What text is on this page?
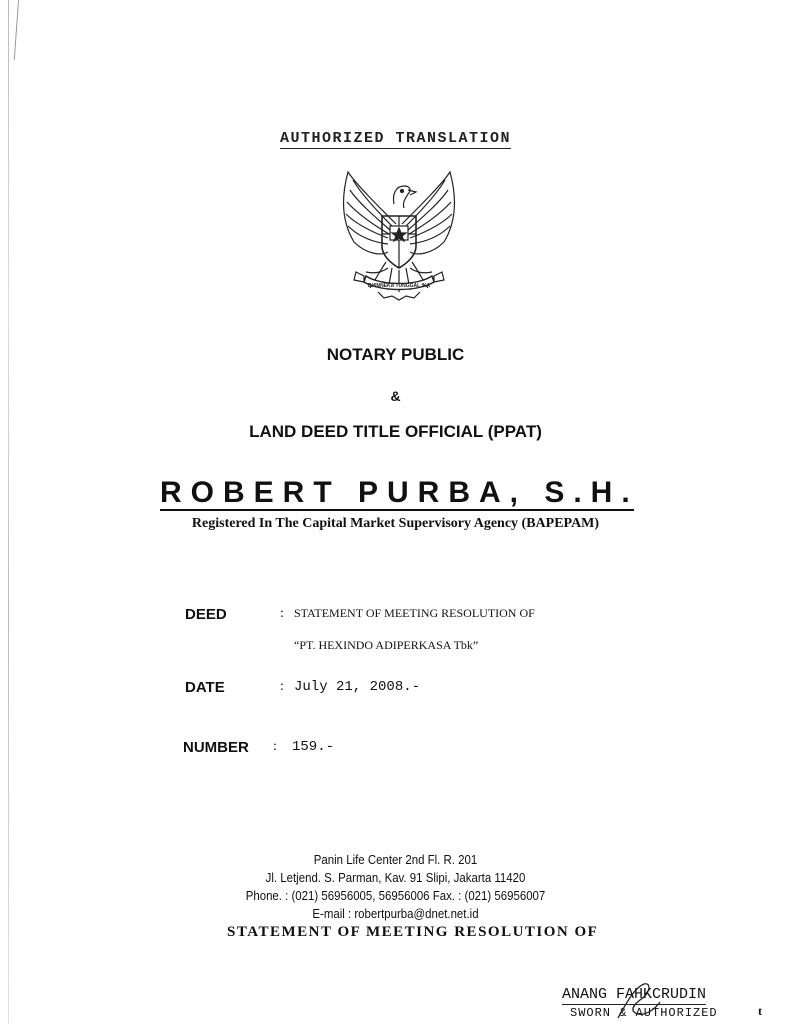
AUTHORIZED TRANSLATION
BHINNEKA TUNGGAL IKA
NOTARY PUBLIC
&
LAND DEED TITLE OFFICIAL (PPAT)
ROBERT PURBA, S.H.
Registered In The Capital Market Supervisory Agency (BAPEPAM)
DEED	: STATEMENT OF MEETING RESOLUTION OF
“PT. HEXINDO ADIPERKASA Tbk”
DATE	: July 21, 2008.-
NUMBER : 159.-
Panin Life Center 2nd Fl. R. 201
Jl. Letjend. S. Parman, Kav. 91 Slipi, Jakarta 11420
Phone. : (021) 56956005, 56956006 Fax. : (021) 56956007
E-mail : robertpurba@dnet.net.id
STATEMENT OF MEETING RESOLUTION OF
ANANG FAHKCRUDIN
SWORN & AUTHORIZED	t
